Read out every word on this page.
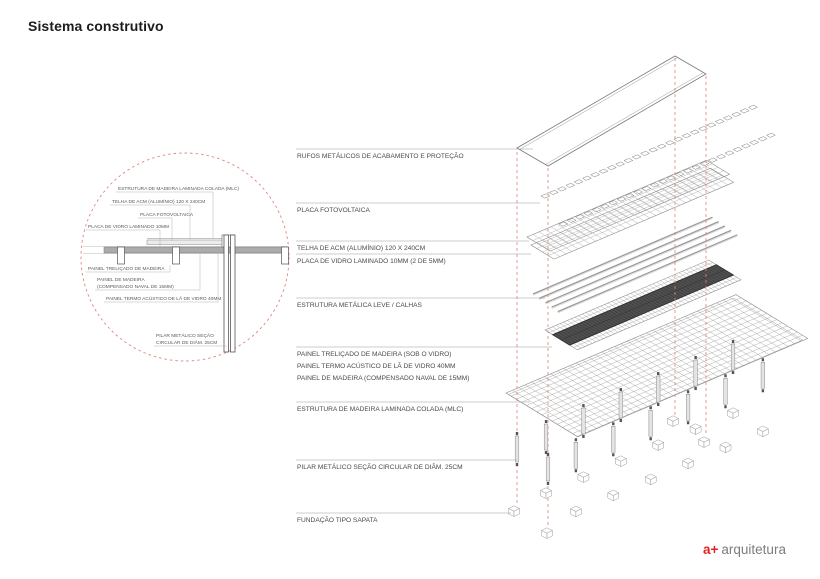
Sistema construtivo
ESTRUTURA DE MADEIRA LAMINADA COLADA (MLC)
TELHA DE ACM (ALUMÍNIO) 120 X 240CM
PLACA FOTOVOLTAICA
PLACA DE VIDRO LAMINADO 10MM
PAINEL TRELIÇADO DE MADEIRA
PAINEL DE MADEIRA
(COMPENSADO NAVAL DE 15MM)
PAINEL TERMO ACÚSTICO DE LÃ DE VIDRO 40MM
PILAR METÁLICO SEÇÃO
CIRCULAR DE DIÂM. 25CM
RUFOS METÁLICOS DE ACABAMENTO E PROTEÇÃO
PLACA FOTOVOLTAICA
TELHA DE ACM (ALUMÍNIO) 120 X 240CM
PLACA DE VIDRO LAMINADO 10MM (2 DE 5MM)
ESTRUTURA METÁLICA LEVE / CALHAS
PAINEL TRELIÇADO DE MADEIRA (SOB O VIDRO)
PAINEL TERMO ACÚSTICO DE LÃ DE VIDRO 40MM
PAINEL DE MADEIRA (COMPENSADO NAVAL DE 15MM)
ESTRUTURA DE MADEIRA LAMINADA COLADA (MLC)
PILAR METÁLICO SEÇÃO CIRCULAR DE DIÂM. 25CM
FUNDAÇÃO TIPO SAPATA
a+ arquitetura
